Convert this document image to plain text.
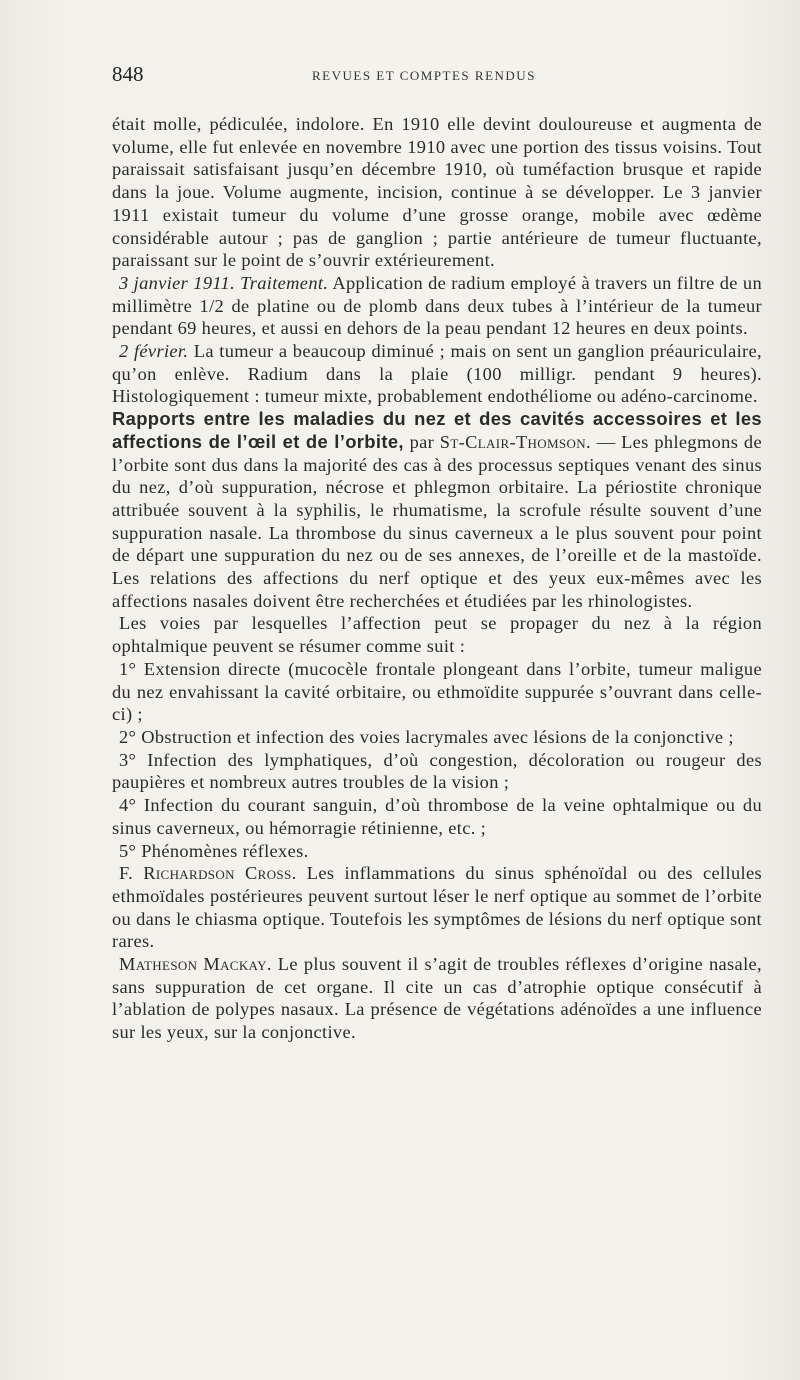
848	REVUES ET COMPTES RENDUS

était molle, pédiculée, indolore. En 1910 elle devint douloureuse et augmenta de volume, elle fut enlevée en novembre 1910 avec une portion des tissus voisins. Tout paraissait satisfaisant jusqu’en décembre 1910, où tuméfaction brusque et rapide dans la joue. Volume augmente, incision, continue à se développer. Le 3 janvier 1911 existait tumeur du volume d’une grosse orange, mobile avec œdème considérable autour ; pas de ganglion ; partie antérieure de tumeur fluctuante, paraissant sur le point de s’ouvrir extérieurement.

3 janvier 1911. Traitement. Application de radium employé à travers un filtre de un millimètre 1/2 de platine ou de plomb dans deux tubes à l’intérieur de la tumeur pendant 69 heures, et aussi en dehors de la peau pendant 12 heures en deux points.

2 février. La tumeur a beaucoup diminué ; mais on sent un ganglion préauriculaire, qu’on enlève. Radium dans la plaie (100 milligr. pendant 9 heures). Histologiquement : tumeur mixte, probablement endothéliome ou adéno-carcinome.

Rapports entre les maladies du nez et des cavités accessoires et les affections de l’œil et de l’orbite, par St-Clair-Thomson. — Les phlegmons de l’orbite sont dus dans la majorité des cas à des processus septiques venant des sinus du nez, d’où suppuration, nécrose et phlegmon orbitaire. La périostite chronique attribuée souvent à la syphilis, le rhumatisme, la scrofule résulte souvent d’une suppuration nasale. La thrombose du sinus caverneux a le plus souvent pour point de départ une suppuration du nez ou de ses annexes, de l’oreille et de la mastoïde. Les relations des affections du nerf optique et des yeux eux-mêmes avec les affections nasales doivent être recherchées et étudiées par les rhinologistes.

Les voies par lesquelles l’affection peut se propager du nez à la région ophtalmique peuvent se résumer comme suit :

1° Extension directe (mucocèle frontale plongeant dans l’orbite, tumeur maligue du nez envahissant la cavité orbitaire, ou ethmoïdite suppurée s’ouvrant dans celle-ci) ;

2° Obstruction et infection des voies lacrymales avec lésions de la conjonctive ;

3° Infection des lymphatiques, d’où congestion, décoloration ou rougeur des paupières et nombreux autres troubles de la vision ;

4° Infection du courant sanguin, d’où thrombose de la veine ophtalmique ou du sinus caverneux, ou hémorragie rétinienne, etc. ;

5° Phénomènes réflexes.

F. Richardson Cross. Les inflammations du sinus sphénoïdal ou des cellules ethmoïdales postérieures peuvent surtout léser le nerf optique au sommet de l’orbite ou dans le chiasma optique. Toutefois les symptômes de lésions du nerf optique sont rares.

Matheson Mackay. Le plus souvent il s’agit de troubles réflexes d’origine nasale, sans suppuration de cet organe. Il cite un cas d’atrophie optique consécutif à l’ablation de polypes nasaux. La présence de végétations adénoïdes a une influence sur les yeux, sur la conjonctive.
